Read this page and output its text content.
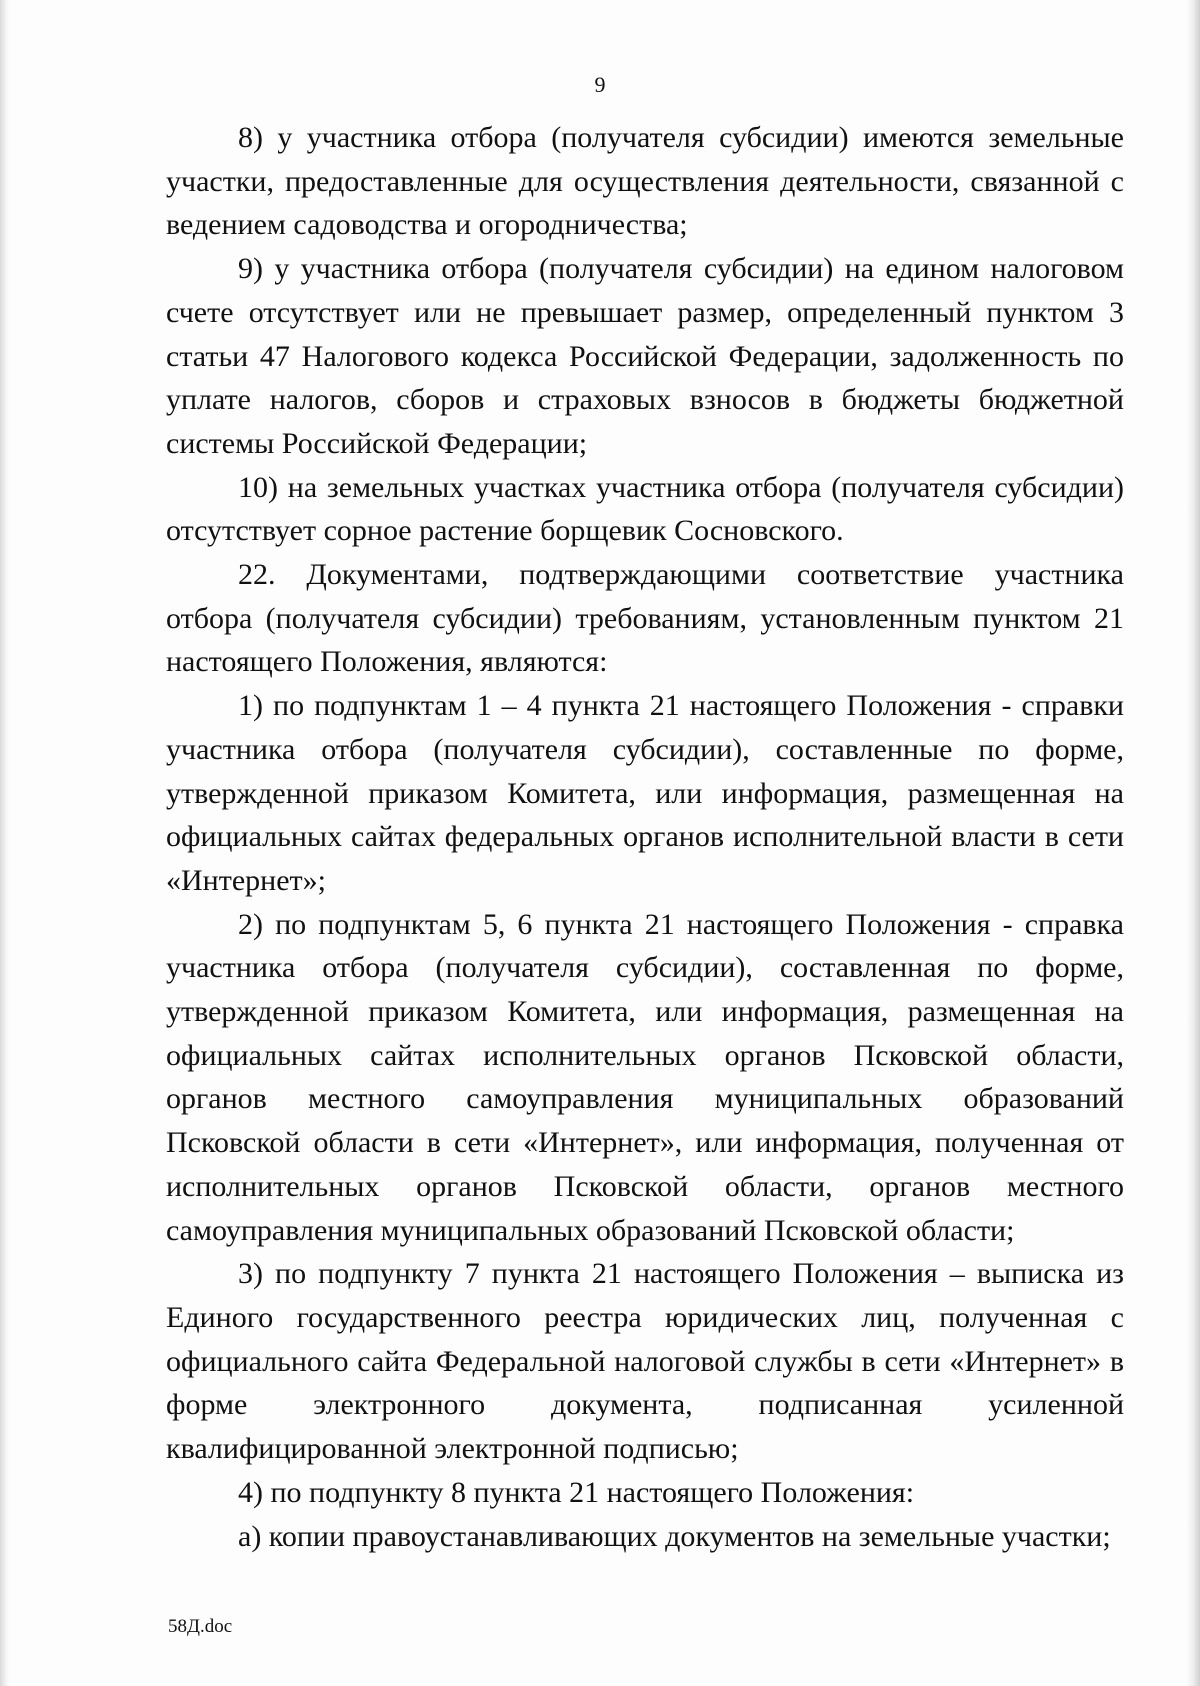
9

8) у участника отбора (получателя субсидии) имеются земельные участки, предоставленные для осуществления деятельности, связанной с ведением садоводства и огородничества;

9) у участника отбора (получателя субсидии) на едином налоговом счете отсутствует или не превышает размер, определенный пунктом 3 статьи 47 Налогового кодекса Российской Федерации, задолженность по уплате налогов, сборов и страховых взносов в бюджеты бюджетной системы Российской Федерации;

10) на земельных участках участника отбора (получателя субсидии) отсутствует сорное растение борщевик Сосновского.

22. Документами, подтверждающими соответствие участника отбора (получателя субсидии) требованиям, установленным пунктом 21 настоящего Положения, являются:

1) по подпунктам 1 – 4 пункта 21 настоящего Положения - справки участника отбора (получателя субсидии), составленные по форме, утвержденной приказом Комитета, или информация, размещенная на официальных сайтах федеральных органов исполнительной власти в сети «Интернет»;

2) по подпунктам 5, 6 пункта 21 настоящего Положения - справка участника отбора (получателя субсидии), составленная по форме, утвержденной приказом Комитета, или информация, размещенная на официальных сайтах исполнительных органов Псковской области, органов местного самоуправления муниципальных образований Псковской области в сети «Интернет», или информация, полученная от исполнительных органов Псковской области, органов местного самоуправления муниципальных образований Псковской области;

3) по подпункту 7 пункта 21 настоящего Положения – выписка из Единого государственного реестра юридических лиц, полученная с официального сайта Федеральной налоговой службы в сети «Интернет» в форме электронного документа, подписанная усиленной квалифицированной электронной подписью;

4) по подпункту 8 пункта 21 настоящего Положения:

а) копии правоустанавливающих документов на земельные участки;

58Д.doc
